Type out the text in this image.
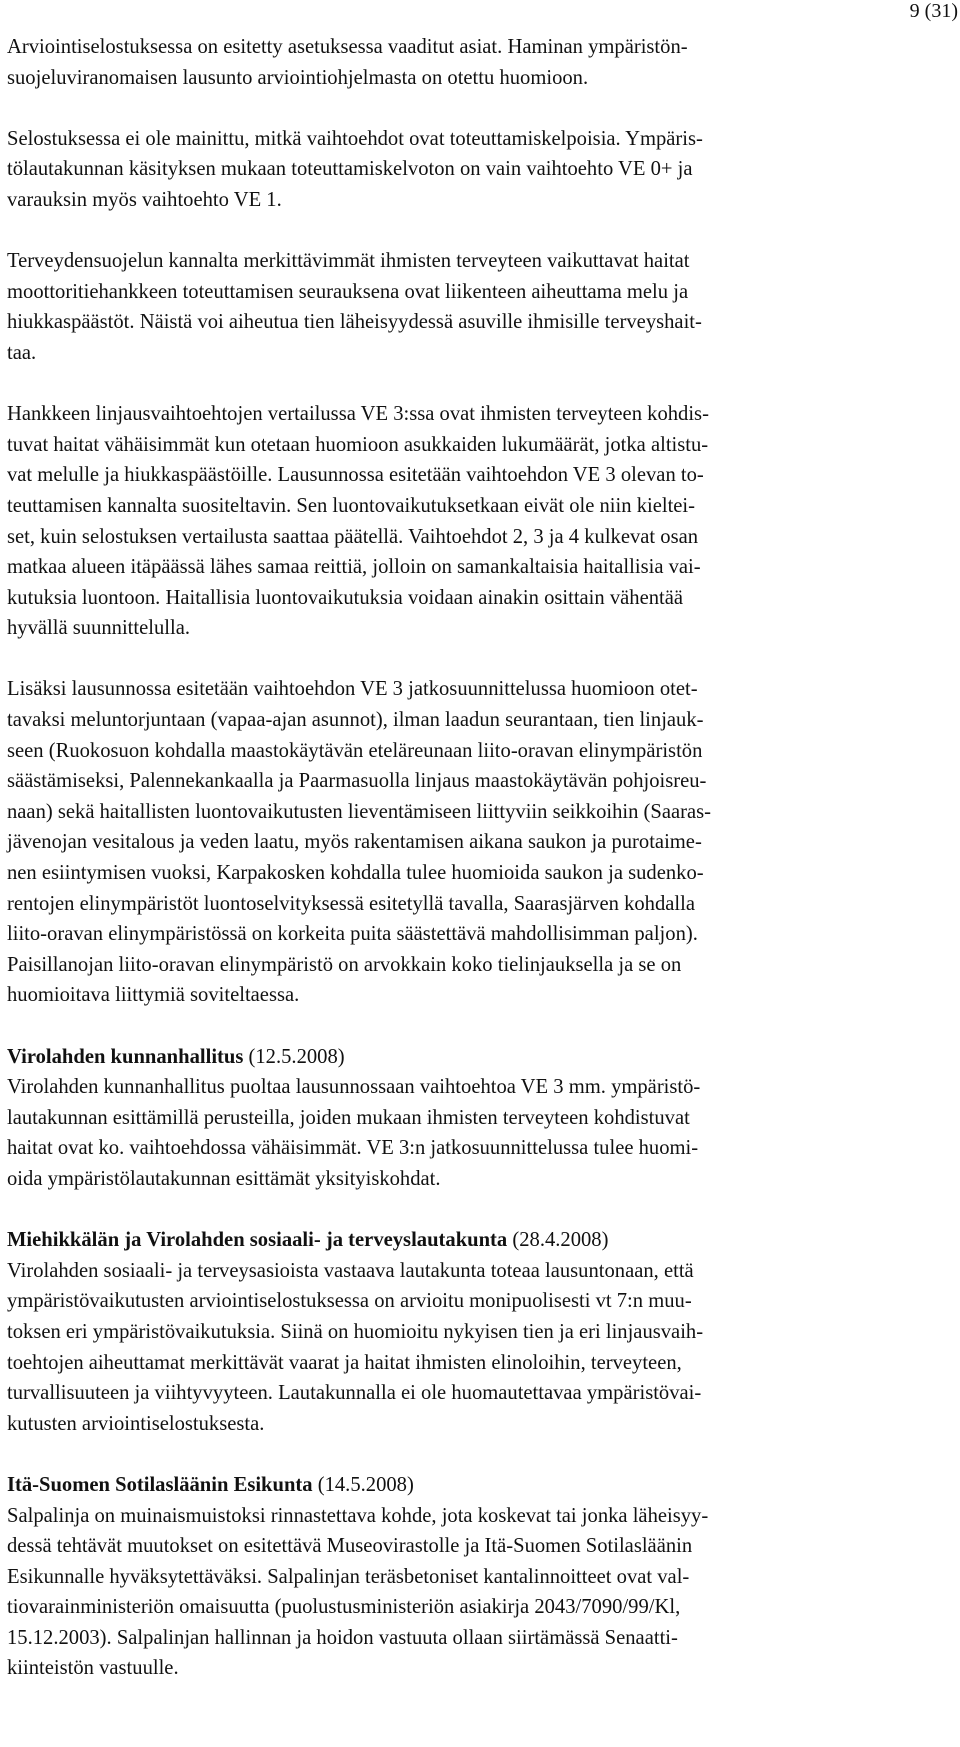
9 (31)

Arviointiselostuksessa on esitetty asetuksessa vaaditut asiat. Haminan ympäristön-
suojeluviranomaisen lausunto arviointiohjelmasta on otettu huomioon.

Selostuksessa ei ole mainittu, mitkä vaihtoehdot ovat toteuttamiskelpoisia. Ympäris-
tölautakunnan käsityksen mukaan toteuttamiskelvoton on vain vaihtoehto VE 0+ ja
varauksin myös vaihtoehto VE 1.

Terveydensuojelun kannalta merkittävimmät ihmisten terveyteen vaikuttavat haitat
moottoritiehankkeen toteuttamisen seurauksena ovat liikenteen aiheuttama melu ja
hiukkaspäästöt. Näistä voi aiheutua tien läheisyydessä asuville ihmisille terveyshait-
taa.

Hankkeen linjausvaihtoehtojen vertailussa VE 3:ssa ovat ihmisten terveyteen kohdis-
tuvat haitat vähäisimmät kun otetaan huomioon asukkaiden lukumäärät, jotka altistu-
vat melulle ja hiukkaspäästöille. Lausunnossa esitetään vaihtoehdon VE 3 olevan to-
teuttamisen kannalta suositeltavin. Sen luontovaikutuksetkaan eivät ole niin kieltei-
set, kuin selostuksen vertailusta saattaa päätellä. Vaihtoehdot 2, 3 ja 4 kulkevat osan
matkaa alueen itäpäässä lähes samaa reittiä, jolloin on samankaltaisia haitallisia vai-
kutuksia luontoon. Haitallisia luontovaikutuksia voidaan ainakin osittain vähentää
hyvällä suunnittelulla.

Lisäksi lausunnossa esitetään vaihtoehdon VE 3 jatkosuunnittelussa huomioon otet-
tavaksi meluntorjuntaan (vapaa-ajan asunnot), ilman laadun seurantaan, tien linjauk-
seen (Ruokosuon kohdalla maastokäytävän eteläreunaan liito-oravan elinympäristön
säästämiseksi, Palennekankaalla ja Paarmasuolla linjaus maastokäytävän pohjoisreu-
naan) sekä haitallisten luontovaikutusten lieventämiseen liittyviin seikkoihin (Saaras-
jävenojan vesitalous ja veden laatu, myös rakentamisen aikana saukon ja purotaime-
nen esiintymisen vuoksi, Karpakosken kohdalla tulee huomioida saukon ja sudenko-
rentojen elinympäristöt luontoselvityksessä esitetyllä tavalla, Saarasjärven kohdalla
liito-oravan elinympäristössä on korkeita puita säästettävä mahdollisimman paljon).
Paisillanojan liito-oravan elinympäristö on arvokkain koko tielinjauksella ja se on
huomioitava liittymiä soviteltaessa.

Virolahden kunnanhallitus (12.5.2008)
Virolahden kunnanhallitus puoltaa lausunnossaan vaihtoehtoa VE 3 mm. ympäristö-
lautakunnan esittämillä perusteilla, joiden mukaan ihmisten terveyteen kohdistuvat
haitat ovat ko. vaihtoehdossa vähäisimmät. VE 3:n jatkosuunnittelussa tulee huomi-
oida ympäristölautakunnan esittämät yksityiskohdat.

Miehikkälän ja Virolahden sosiaali- ja terveyslautakunta (28.4.2008)
Virolahden sosiaali- ja terveysasioista vastaava lautakunta toteaa lausuntonaan, että
ympäristövaikutusten arviointiselostuksessa on arvioitu monipuolisesti vt 7:n muu-
toksen eri ympäristövaikutuksia. Siinä on huomioitu nykyisen tien ja eri linjausvaih-
toehtojen aiheuttamat merkittävät vaarat ja haitat ihmisten elinoloihin, terveyteen,
turvallisuuteen ja viihtyvyyteen. Lautakunnalla ei ole huomautettavaa ympäristövai-
kutusten arviointiselostuksesta.

Itä-Suomen Sotilasläänin Esikunta (14.5.2008)
Salpalinja on muinaismuistoksi rinnastettava kohde, jota koskevat tai jonka läheisyy-
dessä tehtävät muutokset on esitettävä Museovirastolle ja Itä-Suomen Sotilasläänin
Esikunnalle hyväksytettäväksi. Salpalinjan teräsbetoniset kantalinnoitteet ovat val-
tiovarainministeriön omaisuutta (puolustusministeriön asiakirja 2043/7090/99/Kl,
15.12.2003). Salpalinjan hallinnan ja hoidon vastuuta ollaan siirtämässä Senaatti-
kiinteistön vastuulle.
